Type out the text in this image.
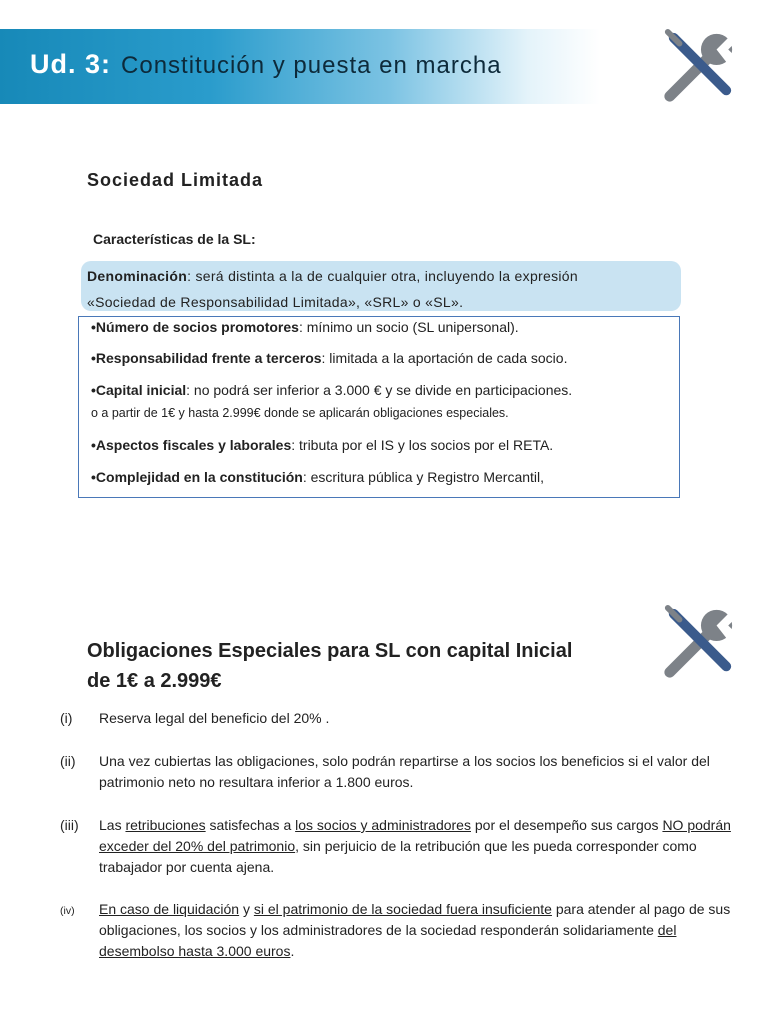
Ud. 3: Constitución y puesta en marcha
Sociedad Limitada
Características de la SL:
Denominación: será distinta a la de cualquier otra, incluyendo la expresión
«Sociedad de Responsabilidad Limitada», «SRL» o «SL».
•Número de socios promotores: mínimo un socio (SL unipersonal).
•Responsabilidad frente a terceros: limitada a la aportación de cada socio.
•Capital inicial: no podrá ser inferior a 3.000 € y se divide en participaciones.
o a partir de 1€ y hasta 2.999€ donde se aplicarán obligaciones especiales.
•Aspectos fiscales y laborales: tributa por el IS y los socios por el RETA.
•Complejidad en la constitución: escritura pública y Registro Mercantil,
Obligaciones Especiales para SL con capital Inicial
de 1€ a 2.999€
(i) Reserva legal del beneficio del 20% .
(ii) Una vez cubiertas las obligaciones, solo podrán repartirse a los socios los beneficios si el valor del patrimonio neto no resultara inferior a 1.800 euros.
(iii) Las retribuciones satisfechas a los socios y administradores por el desempeño sus cargos NO podrán exceder del 20% del patrimonio, sin perjuicio de la retribución que les pueda corresponder como trabajador por cuenta ajena.
(iv) En caso de liquidación y si el patrimonio de la sociedad fuera insuficiente para atender al pago de sus obligaciones, los socios y los administradores de la sociedad responderán solidariamente del desembolso hasta 3.000 euros.
